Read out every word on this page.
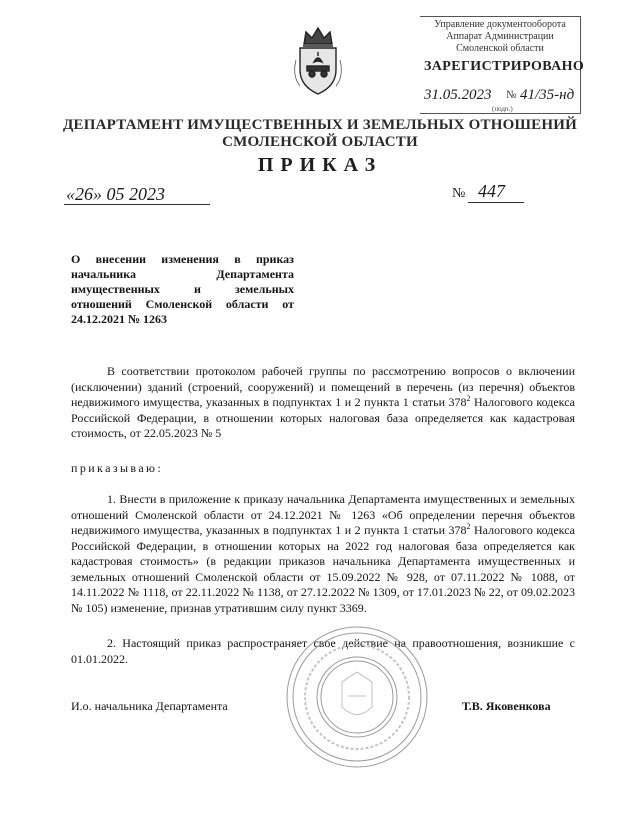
Управление документооборота
Аппарат Администрации
Смоленской области
ЗАРЕГИСТРИРОВАНО
31.05.2023 № 41/35-нд
(подп.)
ДЕПАРТАМЕНТ ИМУЩЕСТВЕННЫХ И ЗЕМЕЛЬНЫХ ОТНОШЕНИЙ
СМОЛЕНСКОЙ ОБЛАСТИ
ПРИКАЗ
«26» 05 2023	№ 447
О внесении изменения в приказ
начальника Департамента
имущественных и земельных
отношений Смоленской области от
24.12.2021 № 1263
В соответствии протоколом рабочей группы по рассмотрению вопросов о включении (исключении) зданий (строений, сооружений) и помещений в перечень (из перечня) объектов недвижимого имущества, указанных в подпунктах 1 и 2 пункта 1 статьи $378^2$ Налогового кодекса Российской Федерации, в отношении которых налоговая база определяется как кадастровая стоимость, от 22.05.2023 № 5
приказываю:
1. Внести в приложение к приказу начальника Департамента имущественных и земельных отношений Смоленской области от 24.12.2021 № 1263 «Об определении перечня объектов недвижимого имущества, указанных в подпунктах 1 и 2 пункта 1 статьи $378^2$ Налогового кодекса Российской Федерации, в отношении которых на 2022 год налоговая база определяется как кадастровая стоимость» (в редакции приказов начальника Департамента имущественных и земельных отношений Смоленской области от 15.09.2022 № 928, от 07.11.2022 № 1088, от 14.11.2022 № 1118, от 22.11.2022 № 1138, от 27.12.2022 № 1309, от 17.01.2023 № 22, от 09.02.2023 № 105) изменение, признав утратившим силу пункт 3369.
2. Настоящий приказ распространяет свое действие на правоотношения, возникшие с 01.01.2022.
И.о. начальника Департамента	Т.В. Яковенкова
